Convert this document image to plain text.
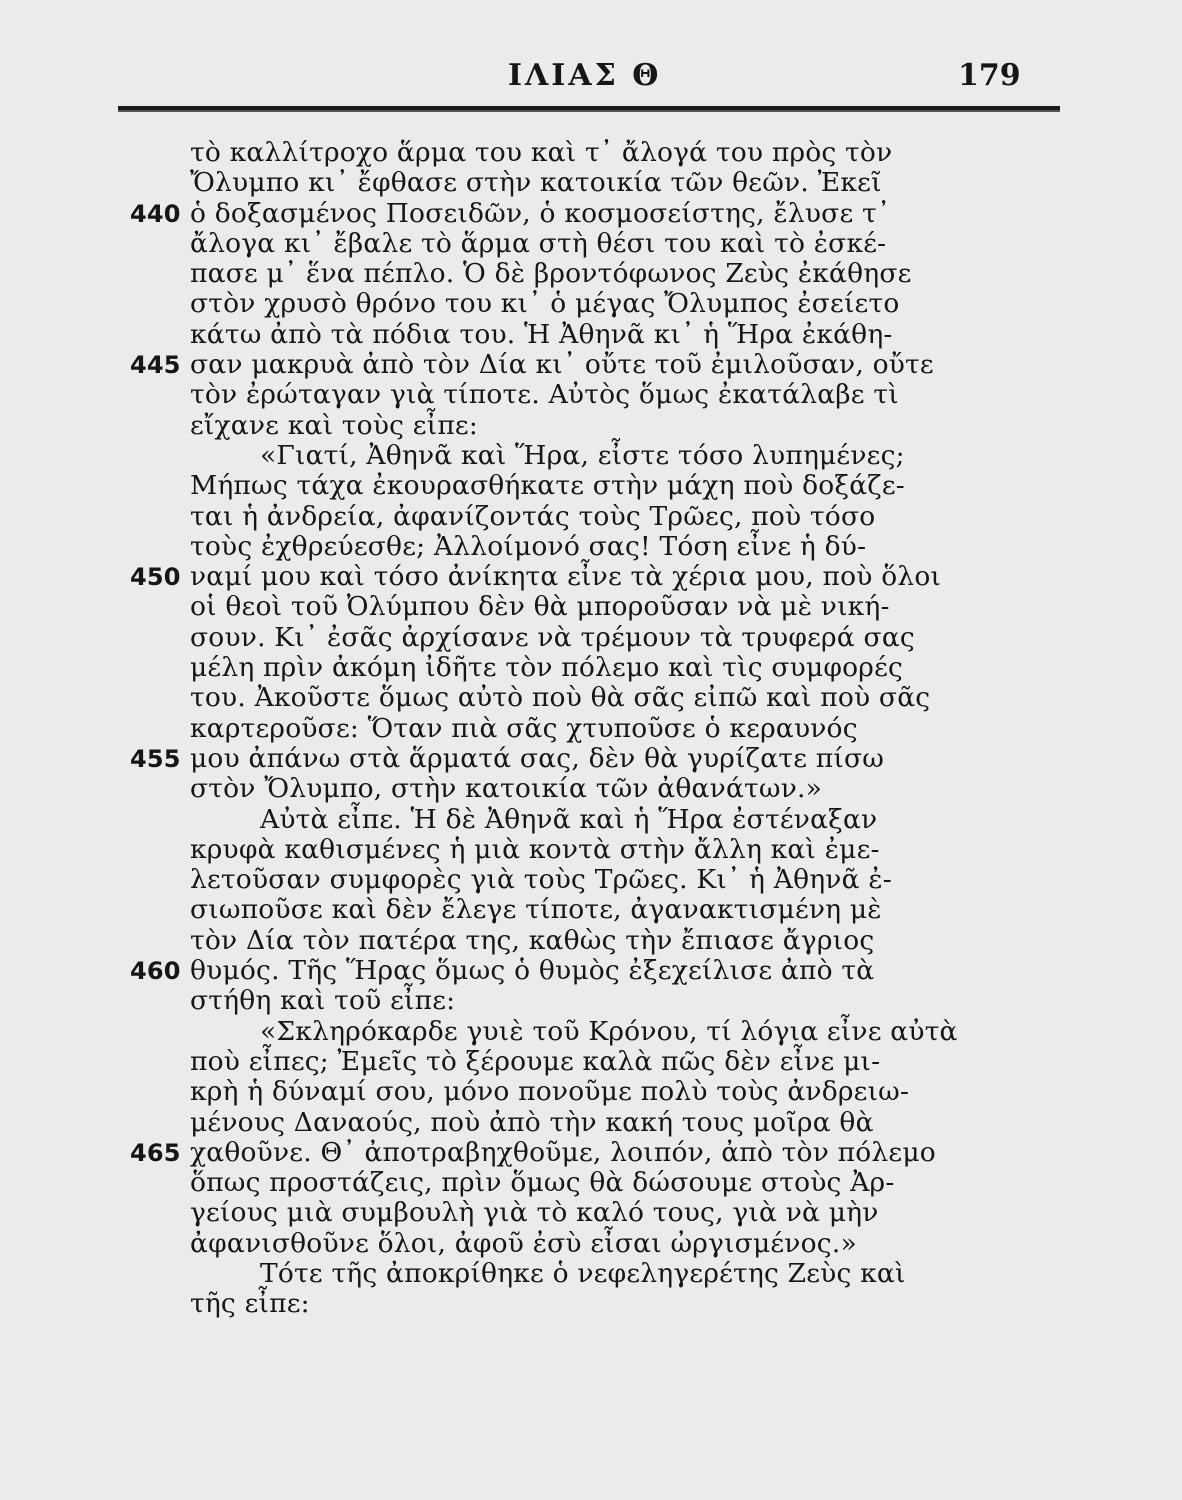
ΙΛΙΑΣ Θ	179
τὸ καλλίτροχο ἅρμα του καὶ τ᾽ ἄλογά του πρὸς τὸν
Ὄλυμπο κι᾽ ἔφθασε στὴν κατοικία τῶν θεῶν. Ἐκεῖ
440 ὁ δοξασμένος Ποσειδῶν, ὁ κοσμοσείστης, ἔλυσε τ᾽
ἄλογα κι᾽ ἔβαλε τὸ ἅρμα στὴ θέσι του καὶ τὸ ἐσκέ-
πασε μ᾽ ἕνα πέπλο. Ὁ δὲ βροντόφωνος Ζεὺς ἐκάθησε
στὸν χρυσὸ θρόνο του κι᾽ ὁ μέγας Ὄλυμπος ἐσείετο
κάτω ἀπὸ τὰ πόδια του. Ἡ Ἀθηνᾶ κι᾽ ἡ Ἥρα ἐκάθη-
445 σαν μακρυὰ ἀπὸ τὸν Δία κι᾽ οὔτε τοῦ ἐμιλοῦσαν, οὔτε
τὸν ἐρώταγαν γιὰ τίποτε. Αὐτὸς ὅμως ἐκατάλαβε τὶ
εἴχανε καὶ τοὺς εἶπε:
«Γιατί, Ἀθηνᾶ καὶ Ἥρα, εἶστε τόσο λυπημένες;
Μήπως τάχα ἐκουρασθήκατε στὴν μάχη ποὺ δοξάζε-
ται ἡ ἀνδρεία, ἀφανίζοντάς τοὺς Τρῶες, ποὺ τόσο
τοὺς ἐχθρεύεσθε; Ἀλλοίμονό σας! Τόση εἶνε ἡ δύ-
450 ναμί μου καὶ τόσο ἀνίκητα εἶνε τὰ χέρια μου, ποὺ ὅλοι
οἱ θεοὶ τοῦ Ὀλύμπου δὲν θὰ μποροῦσαν νὰ μὲ νική-
σουν. Κι᾽ ἐσᾶς ἀρχίσανε νὰ τρέμουν τὰ τρυφερά σας
μέλη πρὶν ἀκόμη ἰδῆτε τὸν πόλεμο καὶ τὶς συμφορές
του. Ἀκοῦστε ὅμως αὐτὸ ποὺ θὰ σᾶς εἰπῶ καὶ ποὺ σᾶς
καρτεροῦσε: Ὅταν πιὰ σᾶς χτυποῦσε ὁ κεραυνός
455 μου ἀπάνω στὰ ἅρματά σας, δὲν θὰ γυρίζατε πίσω
στὸν Ὄλυμπο, στὴν κατοικία τῶν ἀθανάτων.»
Αὐτὰ εἶπε. Ἡ δὲ Ἀθηνᾶ καὶ ἡ Ἥρα ἐστέναξαν
κρυφὰ καθισμένες ἡ μιὰ κοντὰ στὴν ἄλλη καὶ ἐμε-
λετοῦσαν συμφορὲς γιὰ τοὺς Τρῶες. Κι᾽ ἡ Ἀθηνᾶ ἐ-
σιωποῦσε καὶ δὲν ἔλεγε τίποτε, ἀγανακτισμένη μὲ
τὸν Δία τὸν πατέρα της, καθὼς τὴν ἔπιασε ἄγριος
460 θυμός. Τῆς Ἥρας ὅμως ὁ θυμὸς ἐξεχείλισε ἀπὸ τὰ
στήθη καὶ τοῦ εἶπε:
«Σκληρόκαρδε γυιὲ τοῦ Κρόνου, τί λόγια εἶνε αὐτὰ
ποὺ εἶπες; Ἐμεῖς τὸ ξέρουμε καλὰ πῶς δὲν εἶνε μι-
κρὴ ἡ δύναμί σου, μόνο πονοῦμε πολὺ τοὺς ἀνδρειω-
μένους Δαναούς, ποὺ ἀπὸ τὴν κακή τους μοῖρα θὰ
465 χαθοῦνε. Θ᾽ ἀποτραβηχθοῦμε, λοιπόν, ἀπὸ τὸν πόλεμο
ὅπως προστάζεις, πρὶν ὅμως θὰ δώσουμε στοὺς Ἀρ-
γείους μιὰ συμβουλὴ γιὰ τὸ καλό τους, γιὰ νὰ μὴν
ἀφανισθοῦνε ὅλοι, ἀφοῦ ἐσὺ εἶσαι ὠργισμένος.»
Τότε τῆς ἀποκρίθηκε ὁ νεφεληγερέτης Ζεὺς καὶ
τῆς εἶπε:
